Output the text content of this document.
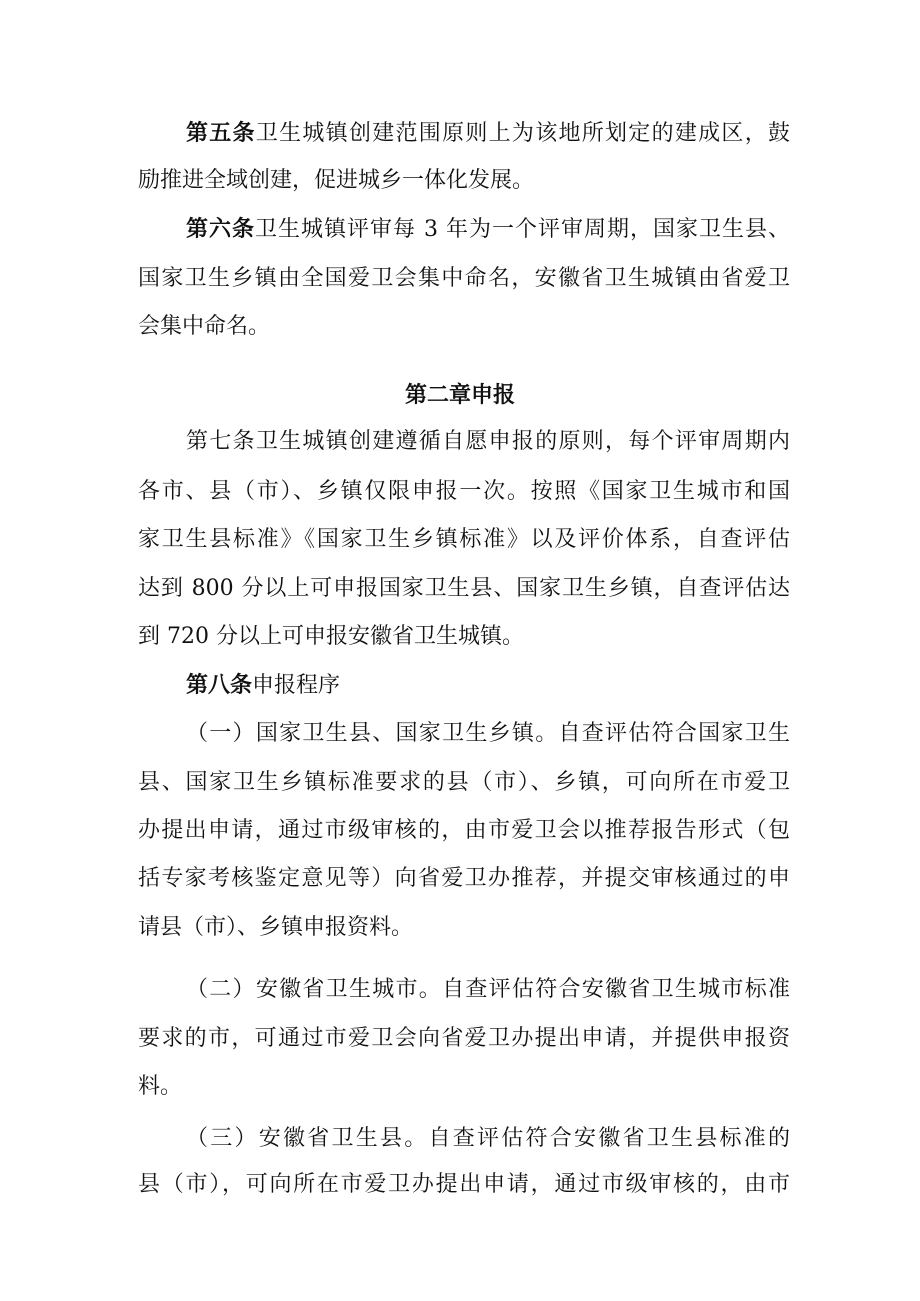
第五条卫生城镇创建范围原则上为该地所划定的建成区，鼓
励推进全域创建，促进城乡一体化发展。
第六条卫生城镇评审每 3 年为一个评审周期，国家卫生县、
国家卫生乡镇由全国爱卫会集中命名，安徽省卫生城镇由省爱卫
会集中命名。
第二章申报
第七条卫生城镇创建遵循自愿申报的原则，每个评审周期内
各市、县（市）、乡镇仅限申报一次。按照《国家卫生城市和国
家卫生县标准》《国家卫生乡镇标准》以及评价体系，自查评估
达到 800 分以上可申报国家卫生县、国家卫生乡镇，自查评估达
到 720 分以上可申报安徽省卫生城镇。
第八条申报程序
（一）国家卫生县、国家卫生乡镇。自查评估符合国家卫生
县、国家卫生乡镇标准要求的县（市）、乡镇，可向所在市爱卫
办提出申请，通过市级审核的，由市爱卫会以推荐报告形式（包
括专家考核鉴定意见等）向省爱卫办推荐，并提交审核通过的申
请县（市）、乡镇申报资料。
（二）安徽省卫生城市。自查评估符合安徽省卫生城市标准
要求的市，可通过市爱卫会向省爱卫办提出申请，并提供申报资
料。
（三）安徽省卫生县。自查评估符合安徽省卫生县标准的
县（市），可向所在市爱卫办提出申请，通过市级审核的，由市
